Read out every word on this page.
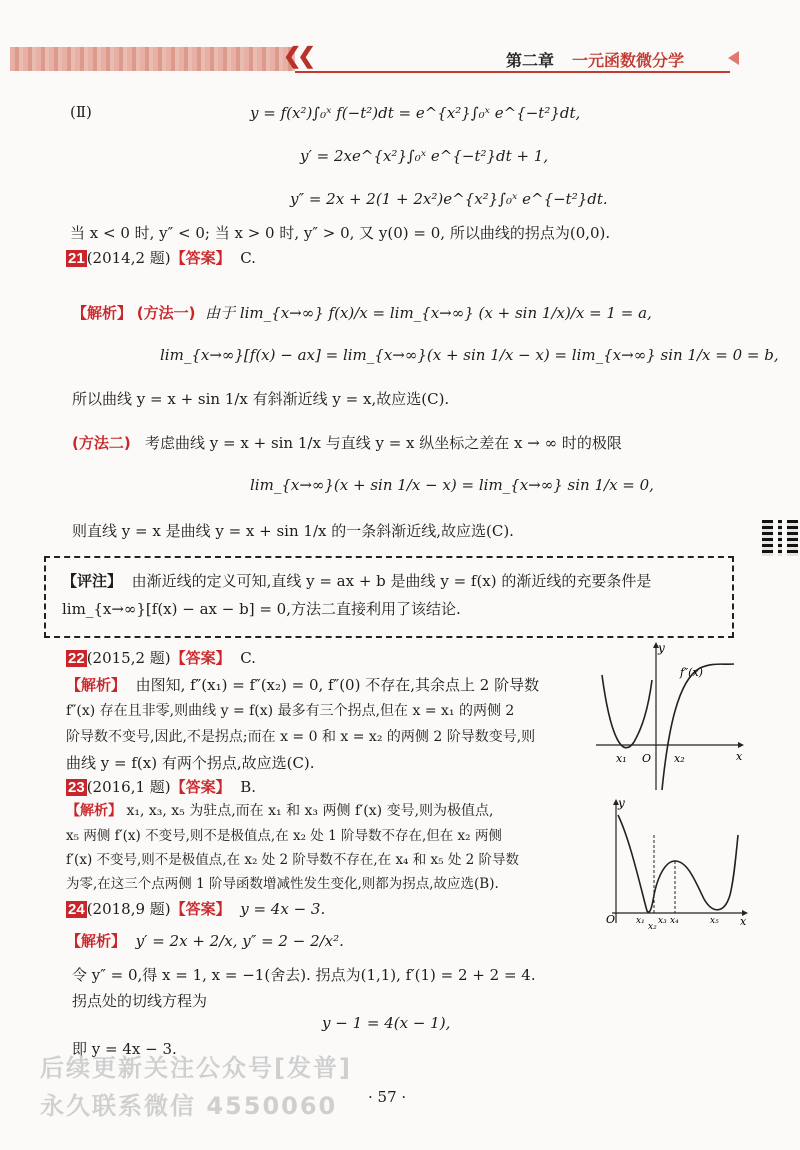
❮❮	第二章 一元函数微分学
(Ⅱ)	y = f(x²)∫₀ˣ f(−t²)dt = e^{x²}∫₀ˣ e^{−t²}dt,
y′ = 2xe^{x²}∫₀ˣ e^{−t²}dt + 1,
y″ = 2x + 2(1 + 2x²)e^{x²}∫₀ˣ e^{−t²}dt.
当 x < 0 时, y″ < 0; 当 x > 0 时, y″ > 0, 又 y(0) = 0, 所以曲线的拐点为(0,0).
21 (2014,2 题)【答案】 C.
【解析】 (方法一) 由于 lim_{x→∞} f(x)/x = lim_{x→∞} (x + sin 1/x)/x = 1 = a,
lim_{x→∞}[f(x) − ax] = lim_{x→∞}(x + sin 1/x − x) = lim_{x→∞} sin 1/x = 0 = b,
所以曲线 y = x + sin 1/x 有斜渐近线 y = x,故应选(C).
(方法二) 考虑曲线 y = x + sin 1/x 与直线 y = x 纵坐标之差在 x → ∞ 时的极限
lim_{x→∞}(x + sin 1/x − x) = lim_{x→∞} sin 1/x = 0,
则直线 y = x 是曲线 y = x + sin 1/x 的一条斜渐近线,故应选(C).
【评注】 由渐近线的定义可知,直线 y = ax + b 是曲线 y = f(x) 的渐近线的充要条件是
lim_{x→∞}[f(x) − ax − b] = 0,方法二直接利用了该结论.
22 (2015,2 题)【答案】 C.
【解析】 由图知, f″(x₁) = f″(x₂) = 0, f″(0) 不存在,其余点上 2 阶导数
f″(x) 存在且非零,则曲线 y = f(x) 最多有三个拐点,但在 x = x₁ 的两侧 2
阶导数不变号,因此,不是拐点;而在 x = 0 和 x = x₂ 的两侧 2 阶导数变号,则
曲线 y = f(x) 有两个拐点,故应选(C).
y
f″(x)
x₁ O x₂	x
23 (2016,1 题)【答案】 B.
【解析】 x₁, x₃, x₅ 为驻点,而在 x₁ 和 x₃ 两侧 f′(x) 变号,则为极值点,
x₅ 两侧 f′(x) 不变号,则不是极值点,在 x₂ 处 1 阶导数不存在,但在 x₂ 两侧
f′(x) 不变号,则不是极值点,在 x₂ 处 2 阶导数不存在,在 x₄ 和 x₅ 处 2 阶导数
为零,在这三个点两侧 1 阶导函数增减性发生变化,则都为拐点,故应选(B).
y
O x₁
x₂
x₃ x₄	x₅ x
24 (2018,9 题)【答案】 y = 4x − 3.
【解析】 y′ = 2x + 2/x, y″ = 2 − 2/x².
令 y″ = 0,得 x = 1, x = −1(舍去). 拐点为(1,1), f′(1) = 2 + 2 = 4.
拐点处的切线方程为
y − 1 = 4(x − 1),
即 y = 4x − 3.
· 57 ·
后续更新关注公众号[发普]
永久联系微信 4550060
